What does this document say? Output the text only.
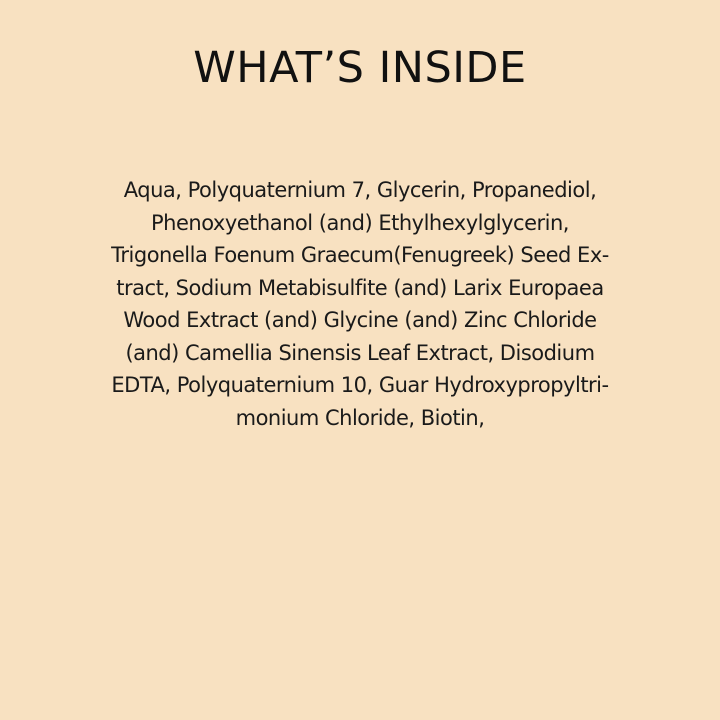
WHAT’S INSIDE

Aqua, Polyquaternium 7, Glycerin, Propanediol,
Phenoxyethanol (and) Ethylhexylglycerin,
Trigonella Foenum Graecum(Fenugreek) Seed Ex-
tract, Sodium Metabisulfite (and) Larix Europaea
Wood Extract (and) Glycine (and) Zinc Chloride
(and) Camellia Sinensis Leaf Extract, Disodium
EDTA, Polyquaternium 10, Guar Hydroxypropyltri-
monium Chloride, Biotin,
